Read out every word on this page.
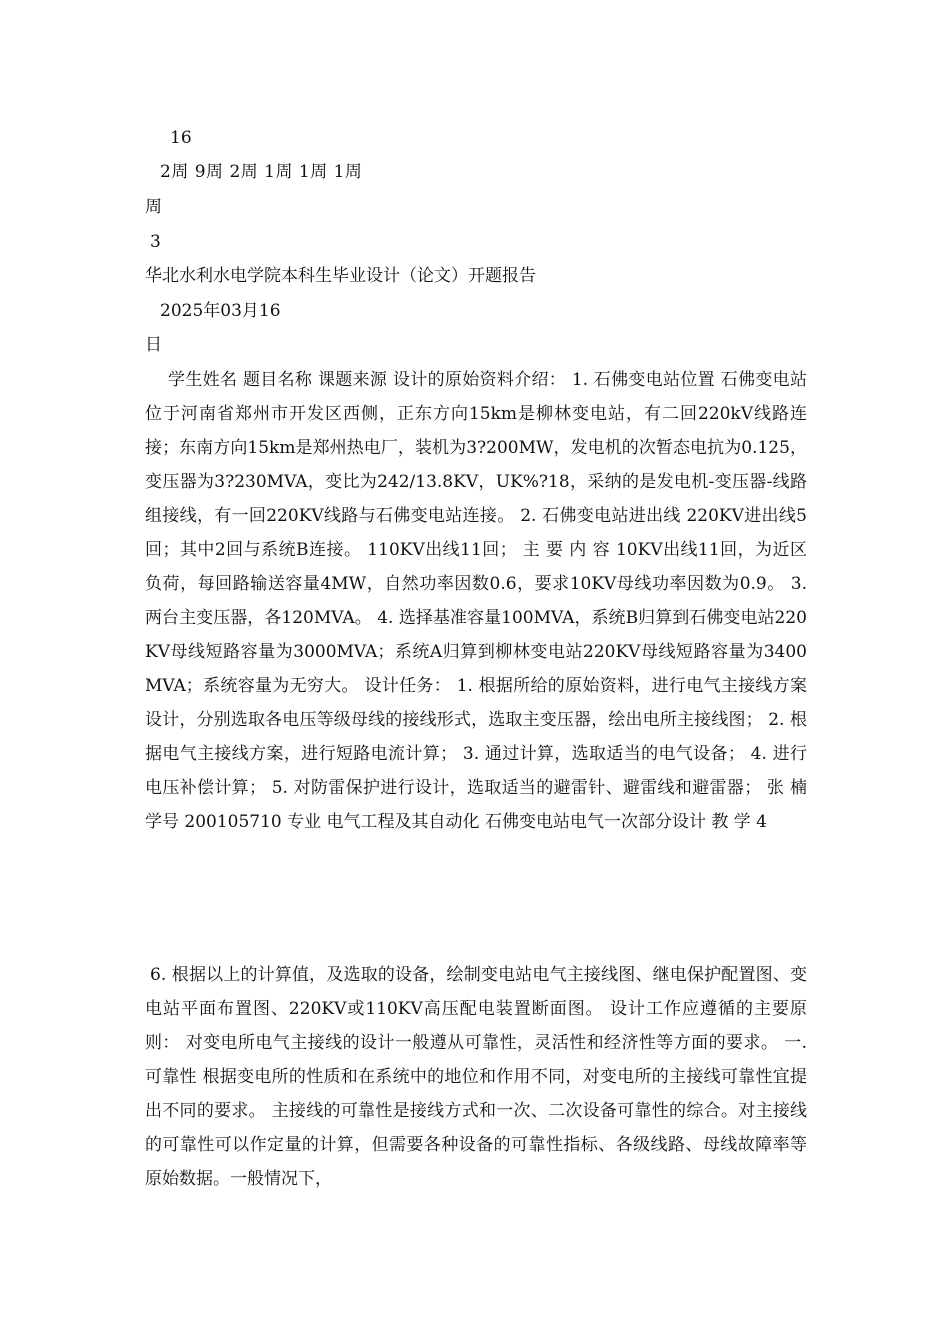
16
2周 9周 2周 1周 1周 1周
周
3
华北水利水电学院本科生毕业设计（论文）开题报告
2025年03月16
日
学生姓名 题目名称 课题来源 设计的原始资料介绍： 1. 石佛变电站位置 石佛变电站位于河南省郑州市开发区西侧，正东方向15km是柳林变电站，有二回220kV线路连接；东南方向15km是郑州热电厂，装机为3?200MW，发电机的次暂态电抗为0.125，变压器为3?230MVA，变比为242/13.8KV，UK%?18，采纳的是发电机-变压器-线路组接线，有一回220KV线路与石佛变电站连接。 2. 石佛变电站进出线 220KV进出线5回；其中2回与系统B连接。 110KV出线11回； 主 要 内 容 10KV出线11回，为近区负荷，每回路输送容量4MW，自然功率因数0.6，要求10KV母线功率因数为0.9。 3. 两台主变压器，各120MVA。 4. 选择基准容量100MVA，系统B归算到石佛变电站220KV母线短路容量为3000MVA；系统A归算到柳林变电站220KV母线短路容量为3400MVA；系统容量为无穷大。 设计任务： 1. 根据所给的原始资料，进行电气主接线方案设计，分别选取各电压等级母线的接线形式，选取主变压器，绘出电所主接线图； 2. 根据电气主接线方案，进行短路电流计算； 3. 通过计算，选取适当的电气设备； 4. 进行电压补偿计算； 5. 对防雷保护进行设计，选取适当的避雷针、避雷线和避雷器； 张 楠 学号 200105710 专业 电气工程及其自动化 石佛变电站电气一次部分设计 教 学 4
6. 根据以上的计算值，及选取的设备，绘制变电站电气主接线图、继电保护配置图、变电站平面布置图、220KV或110KV高压配电装置断面图。 设计工作应遵循的主要原则： 对变电所电气主接线的设计一般遵从可靠性，灵活性和经济性等方面的要求。 一. 可靠性 根据变电所的性质和在系统中的地位和作用不同，对变电所的主接线可靠性宜提出不同的要求。 主接线的可靠性是接线方式和一次、二次设备可靠性的综合。对主接线的可靠性可以作定量的计算，但需要各种设备的可靠性指标、各级线路、母线故障率等原始数据。一般情况下，
